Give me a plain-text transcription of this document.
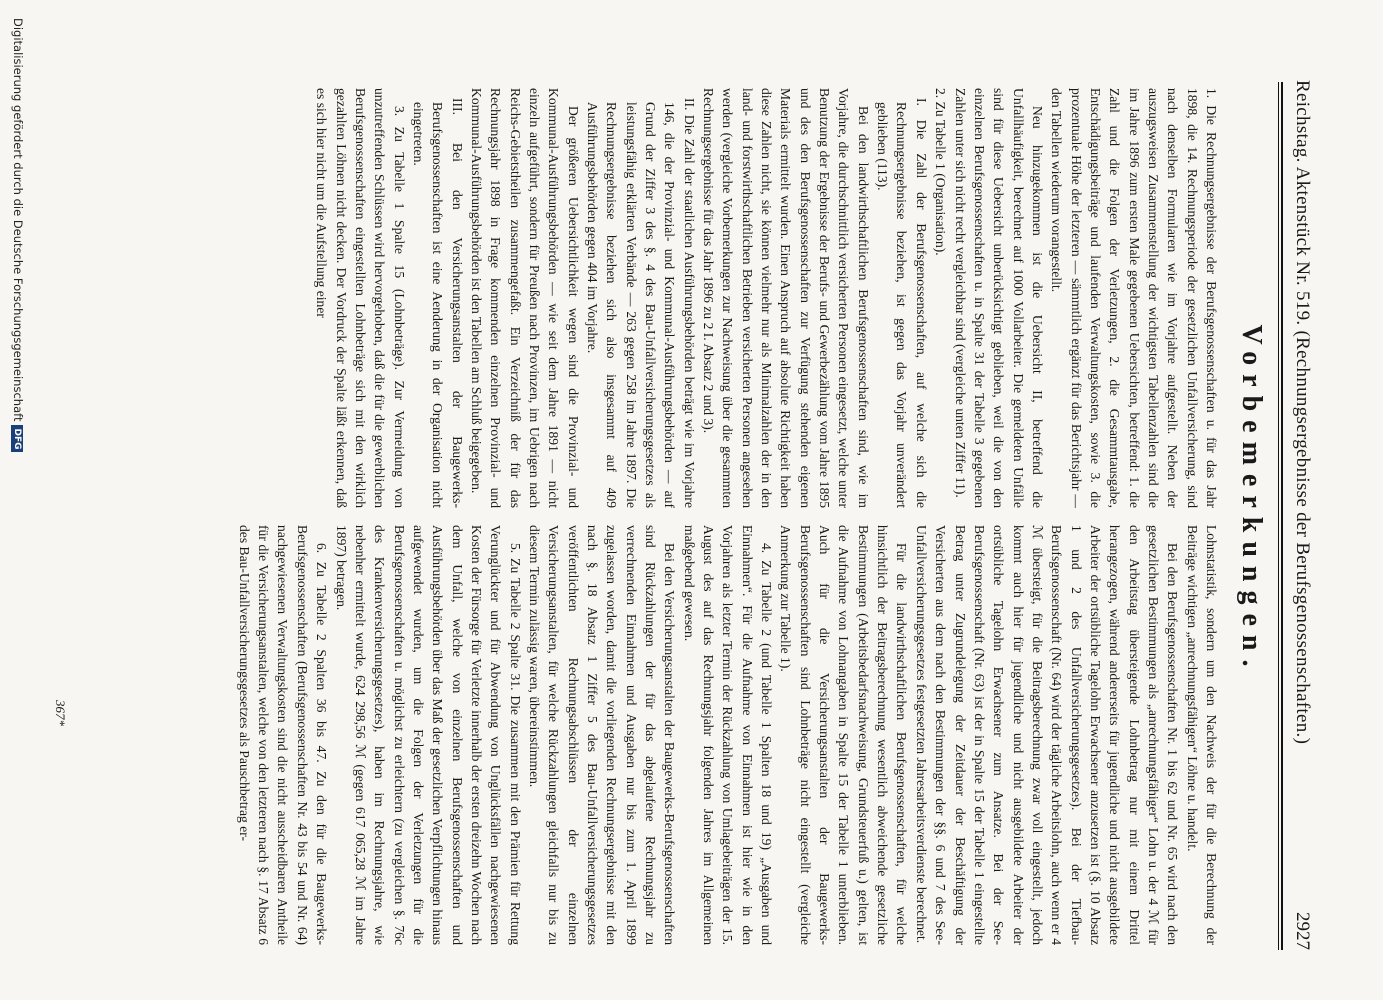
Reichstag. Aktenstück Nr. 519. (Rechnungsergebnisse der Berufsgenossenschaften.)
2927
Vorbemerkungen.

1. Die Rechnungsergebnisse der Berufsgenossenschaften u. für das Jahr 1898, die 14. Rechnungsperiode der gesetzlichen Unfallversicherung, sind nach denselben Formularen wie im Vorjahre aufgestellt. Neben der auszugsweisen Zusammenstellung der wichtigsten Tabellenzahlen sind die im Jahre 1896 zum ersten Male gegebenen Uebersichten, betreffend: 1. die Zahl und die Folgen der Verletzungen, 2. die Gesammtausgabe, Entschädigungsbeiträge und laufenden Verwaltungskosten, sowie 3. die prozentuale Höhe der letzteren — sämmtlich ergänzt für das Berichtsjahr — den Tabellen wiederum vorangestellt.

Neu hinzugekommen ist die Uebersicht II, betreffend die Unfallhäufigkeit, berechnet auf 1000 Vollarbeiter. Die gemeldeten Unfälle sind für diese Uebersicht unberücksichtigt geblieben, weil die von den einzelnen Berufsgenossenschaften u. in Spalte 31 der Tabelle 3 gegebenen Zahlen unter sich nicht recht vergleichbar sind (vergleiche unten Ziffer 11).

2. Zu Tabelle 1 (Organisation).

I. Die Zahl der Berufsgenossenschaften, auf welche sich die Rechnungsergebnisse beziehen, ist gegen das Vorjahr unverändert geblieben (113).

Bei den landwirthschaftlichen Berufsgenossenschaften sind, wie im Vorjahre, die durchschnittlich versicherten Personen eingesetzt, welche unter Benutzung der Ergebnisse der Berufs- und Gewerbezählung vom Jahre 1895 und des den Berufsgenossenschaften zur Verfügung stehenden eigenen Materials ermittelt wurden. Einen Anspruch auf absolute Richtigkeit haben diese Zahlen nicht, sie können vielmehr nur als Minimalzahlen der in den land- und forstwirthschaftlichen Betrieben versicherten Personen angesehen werden (vergleiche Vorbemerkungen zur Nachweisung über die gesammten Rechnungsergebnisse für das Jahr 1896 zu 2 I. Absatz 2 und 3).

II. Die Zahl der staatlichen Ausführungsbehörden beträgt wie im Vorjahre 146, die der Provinzial- und Kommunal-Ausführungsbehörden — auf Grund der Ziffer 3 des §. 4 des Bau-Unfallversicherungsgesetzes als leistungsfähig erklärten Verbände — 263 gegen 258 im Jahre 1897. Die Rechnungsergebnisse beziehen sich also insgesammt auf 409 Ausführungsbehörden gegen 404 im Vorjahre.

Der größeren Uebersichtlichkeit wegen sind die Provinzial- und Kommunal-Ausführungsbehörden — wie seit dem Jahre 1891 — nicht einzeln aufgeführt, sondern für Preußen nach Provinzen, im Uebrigen nach Reichs-Gebietstheilen zusammengefaßt. Ein Verzeichniß der für das Rechnungsjahr 1898 in Frage kommenden einzelnen Provinzial- und Kommunal-Ausführungsbehörden ist den Tabellen am Schluß beigegeben.

III. Bei den Versicherungsanstalten der Baugewerks-Berufsgenossenschaften ist eine Aenderung in der Organisation nicht eingetreten.

3. Zu Tabelle 1 Spalte 15 (Lohnbeträge). Zur Vermeidung von unzutreffenden Schlüssen wird hervorgehoben, daß die für die gewerblichen Berufsgenossenschaften eingestellten Lohnbeträge sich mit den wirklich gezahlten Löhnen nicht decken. Der Vordruck der Spalte läßt erkennen, daß es sich hier nicht um die Aufstellung einer

Lohnstatistik, sondern um den Nachweis der für die Berechnung der Beiträge wichtigen „anrechnungsfähigen“ Löhne u. handelt.

Bei den Berufsgenossenschaften Nr. 1 bis 62 und Nr. 65 wird nach den gesetzlichen Bestimmungen als „anrechnungsfähiger“ Lohn u. der 4 ℳ für den Arbeitstag übersteigende Lohnbetrag nur mit einem Drittel herangezogen, während andererseits für jugendliche und nicht ausgebildete Arbeiter der ortsübliche Tagelohn Erwachsener anzusetzen ist (§. 10 Absatz 1 und 2 des Unfallversicherungsgesetzes). Bei der Tiefbau-Berufsgenossenschaft (Nr. 64) wird der tägliche Arbeitslohn, auch wenn er 4 ℳ übersteigt, für die Beitragsberechnung zwar voll eingestellt, jedoch kommt auch hier für jugendliche und nicht ausgebildete Arbeiter der ortsübliche Tagelohn Erwachsener zum Ansatze. Bei der See-Berufsgenossenschaft (Nr. 63) ist der in Spalte 15 der Tabelle 1 eingestellte Betrag unter Zugrundelegung der Zeitdauer der Beschäftigung der Versicherten aus dem nach den Bestimmungen der §§. 6 und 7 des See-Unfallversicherungsgesetzes festgesetzten Jahresarbeitsverdienste berechnet.

Für die landwirthschaftlichen Berufsgenossenschaften, für welche hinsichtlich der Beitragsberechnung wesentlich abweichende gesetzliche Bestimmungen (Arbeitsbedarfsnachweisung, Grundsteuerfuß u.) gelten, ist die Aufnahme von Lohnangaben in Spalte 15 der Tabelle 1 unterblieben. Auch für die Versicherungsanstalten der Baugewerks-Berufsgenossenschaften sind Lohnbeträge nicht eingestellt (vergleiche Anmerkung zur Tabelle 1).

4. Zu Tabelle 2 (und Tabelle 1 Spalten 18 und 19) „Ausgaben und Einnahmen“. Für die Aufnahme von Einnahmen ist hier wie in den Vorjahren als letzter Termin der Rückzahlung von Umlagebeiträgen der 15. August des auf das Rechnungsjahr folgenden Jahres im Allgemeinen maßgebend gewesen.

Bei den Versicherungsanstalten der Baugewerks-Berufsgenossenschaften sind Rückzahlungen der für das abgelaufene Rechnungsjahr zu verrechnenden Einnahmen und Ausgaben nur bis zum 1. April 1899 zugelassen worden, damit die vorliegenden Rechnungsergebnisse mit den nach §. 18 Absatz 1 Ziffer 5 des Bau-Unfallversicherungsgesetzes veröffentlichten Rechnungsabschlüssen der einzelnen Versicherungsanstalten, für welche Rückzahlungen gleichfalls nur bis zu diesem Termin zulässig waren, übereinstimmen.

5. Zu Tabelle 2 Spalte 31. Die zusammen mit den Prämien für Rettung Verunglückter und für Abwendung von Unglücksfällen nachgewiesenen Kosten der Fürsorge für Verletzte innerhalb der ersten dreizehn Wochen nach dem Unfall, welche von einzelnen Berufsgenossenschaften und Ausführungsbehörden über das Maß der gesetzlichen Verpflichtungen hinaus aufgewendet wurden, um die Folgen der Verletzungen für die Berufsgenossenschaften u. möglichst zu erleichtern (zu vergleichen §. 76c des Krankenversicherungsgesetzes), haben im Rechnungsjahre, wie nebenher ermittelt wurde, 624 298,56 ℳ (gegen 617 065,28 ℳ im Jahre 1897) betragen.

6. Zu Tabelle 2 Spalten 36 bis 47. Zu den für die Baugewerks-Berufsgenossenschaften (Berufsgenossenschaften Nr. 43 bis 54 und Nr. 64) nachgewiesenen Verwaltungskosten sind die nicht ausscheidbaren Antheile für die Versicherungsanstalten, welche von den letzteren nach §. 17 Absatz 6 des Bau-Unfallversicherungsgesetzes als Pauschbetrag er-

367*
Digitalisierung gefördert durch die Deutsche ForschungsgemeinschaftDFG
